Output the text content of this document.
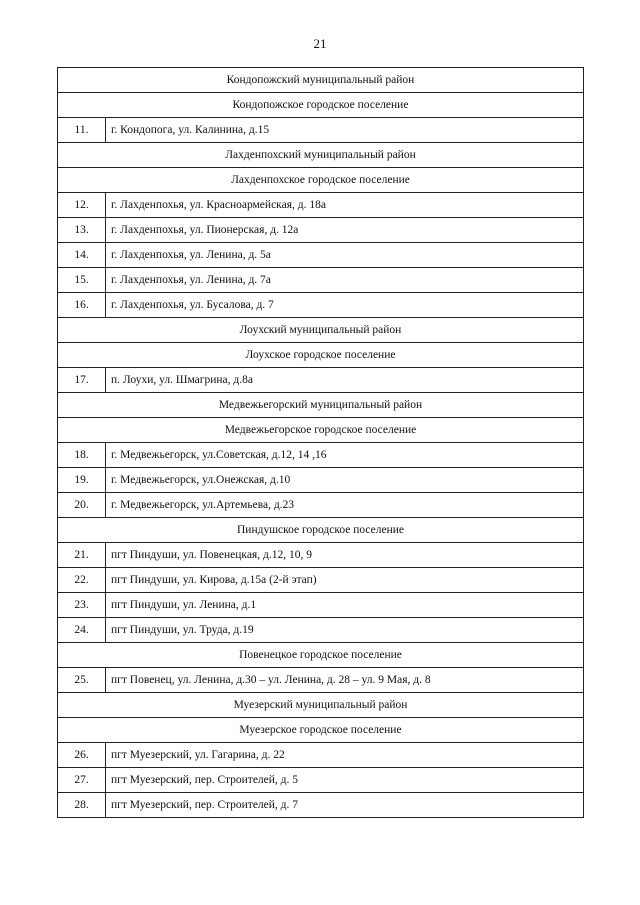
21
Кондопожский муниципальный район	
Кондопожское городское поселение	
11.	г. Кондопога, ул. Калинина, д.15
Лахденпохский муниципальный район	
Лахденпохское городское поселение	
12.	г. Лахденпохья, ул. Красноармейская, д. 18а
13.	г. Лахденпохья, ул. Пионерская, д. 12а
14.	г. Лахденпохья, ул. Ленина, д. 5а
15.	г. Лахденпохья, ул. Ленина, д. 7а
16.	г. Лахденпохья, ул. Бусалова, д. 7
Лоухский муниципальный район	
Лоухское городское поселение	
17.	п. Лоухи, ул. Шмагрина, д.8а
Медвежьегорский муниципальный район	
Медвежьегорское городское поселение	
18.	г. Медвежьегорск, ул.Советская, д.12, 14 ,16
19.	г. Медвежьегорск, ул.Онежская, д.10
20.	г. Медвежьегорск, ул.Артемьева, д.23
Пиндушское городское поселение	
21.	пгт Пиндуши, ул. Повенецкая, д.12, 10, 9
22.	пгт Пиндуши, ул. Кирова, д.15а (2-й этап)
23.	пгт Пиндуши, ул. Ленина, д.1
24.	пгт Пиндуши, ул. Труда, д.19
Повенецкое городское поселение	
25.	пгт Повенец, ул. Ленина, д.30 – ул. Ленина, д. 28 – ул. 9 Мая, д. 8
Муезерский муниципальный район	
Муезерское городское поселение	
26.	пгт Муезерский, ул. Гагарина, д. 22
27.	пгт Муезерский, пер. Строителей, д. 5
28.	пгт Муезерский, пер. Строителей, д. 7
